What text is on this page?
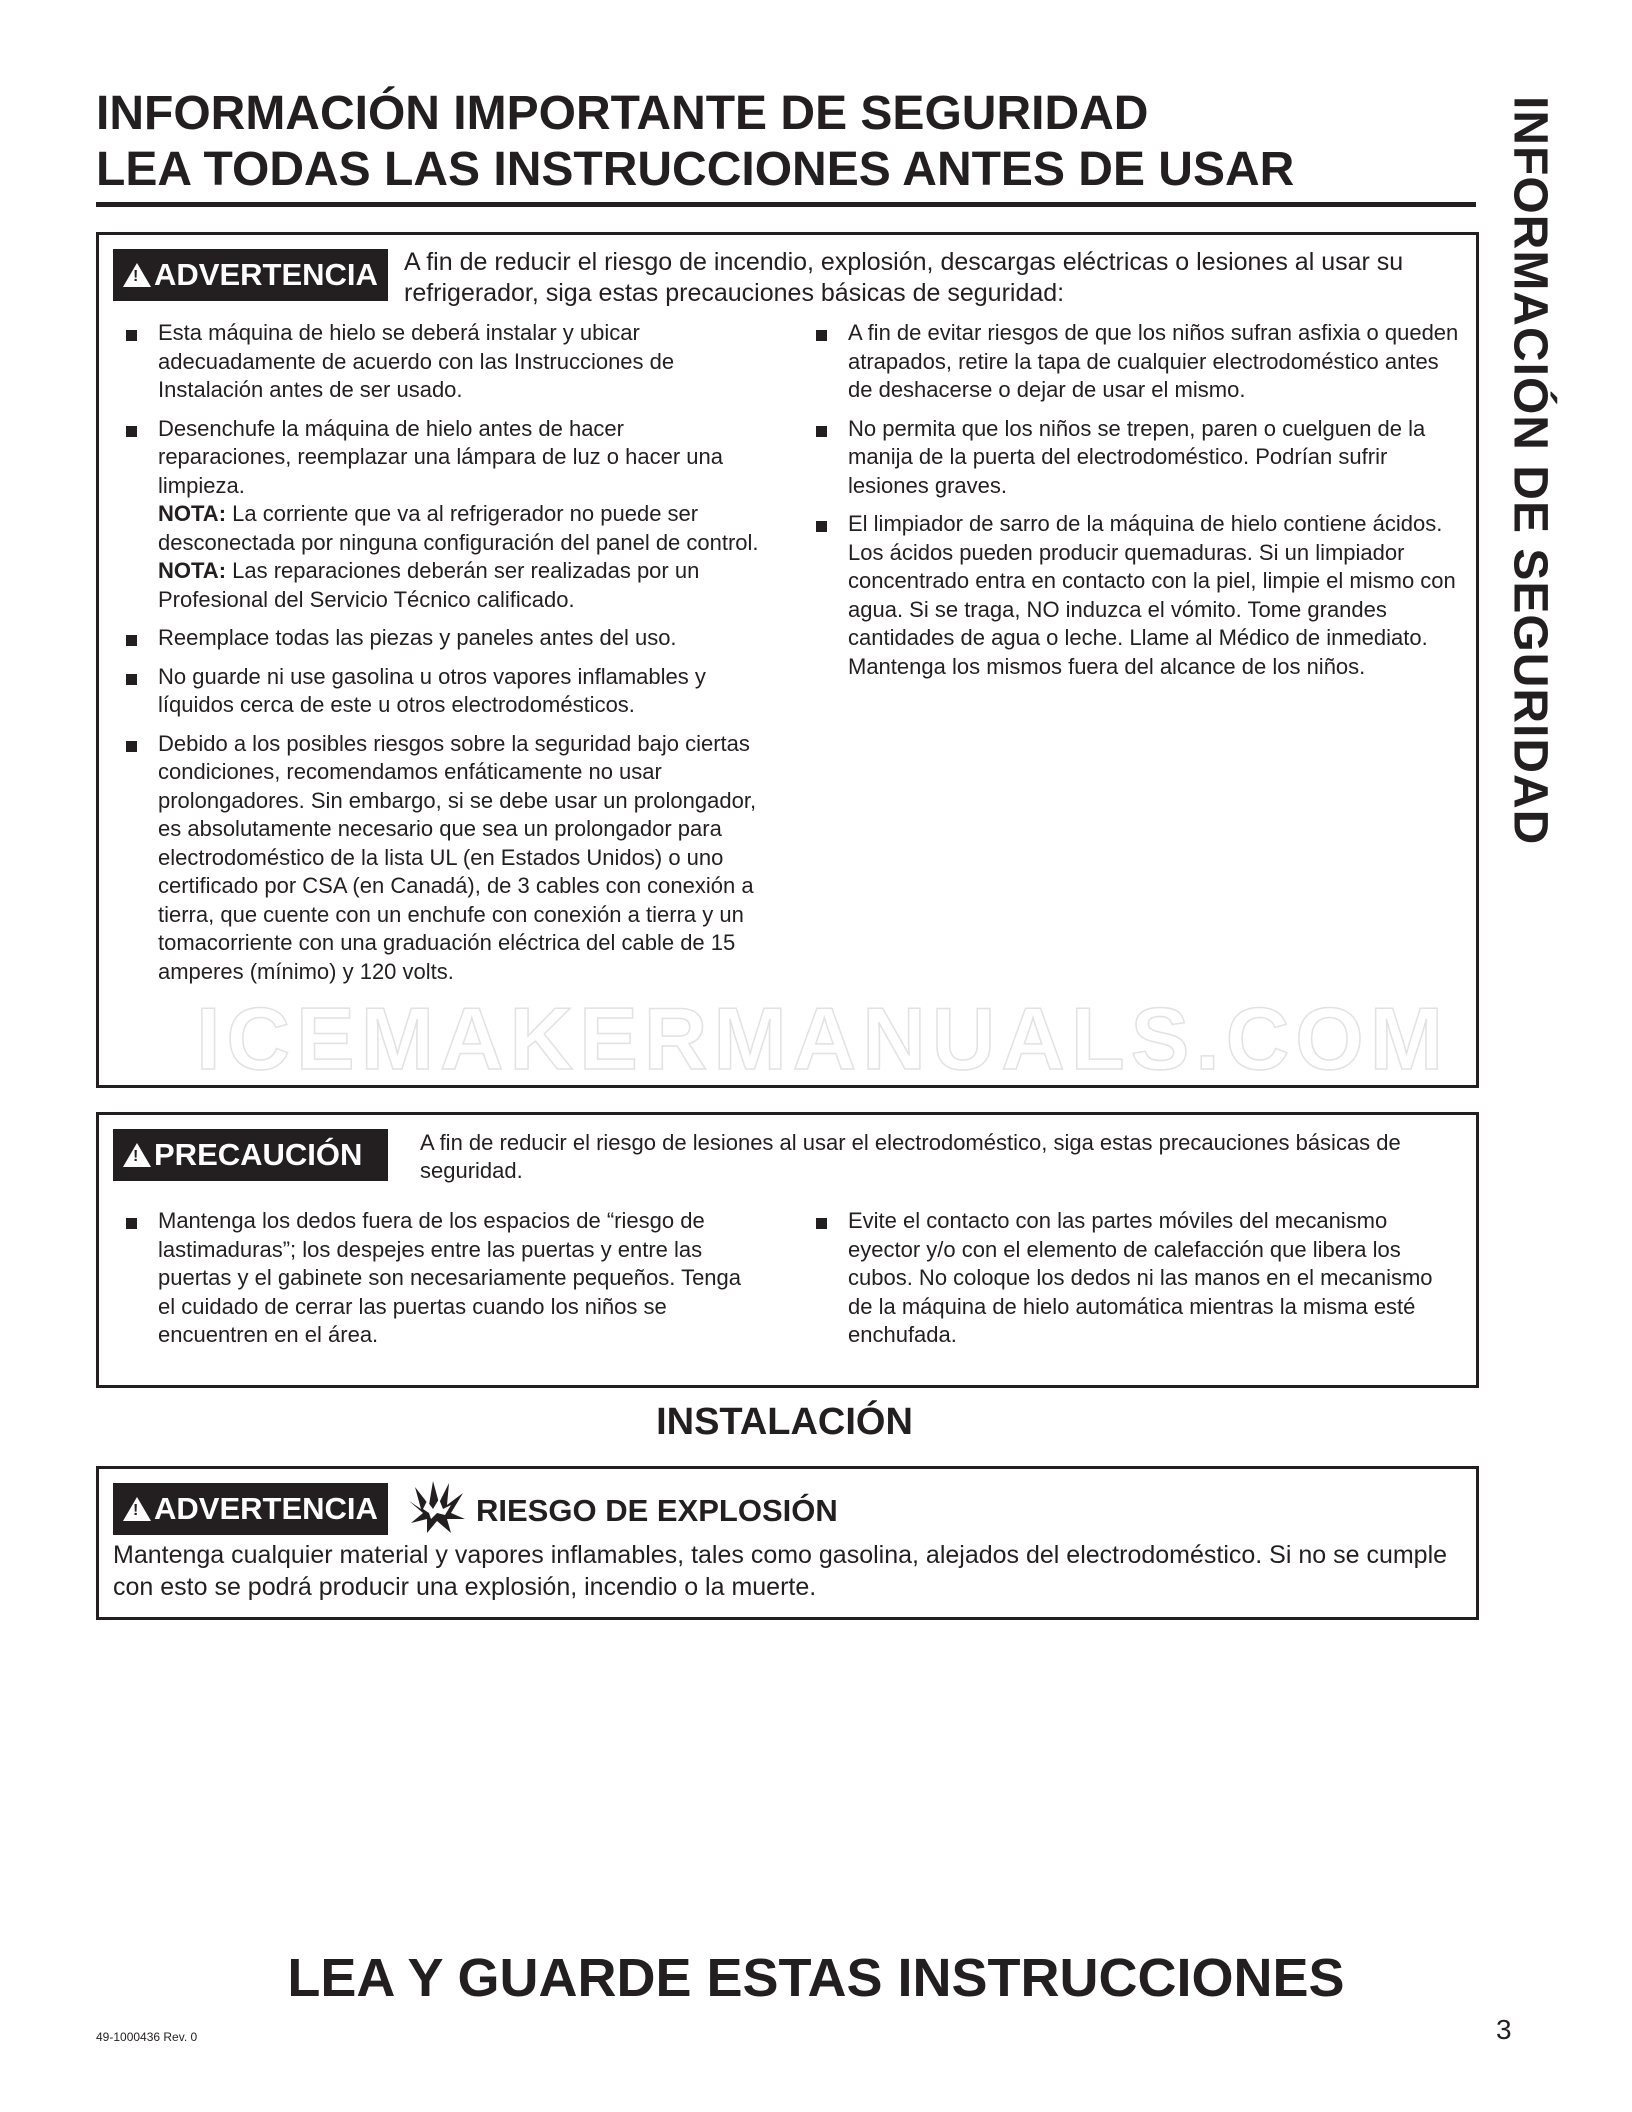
INFORMACIÓN IMPORTANTE DE SEGURIDAD
LEA TODAS LAS INSTRUCCIONES ANTES DE USAR	INFORMACIÓN DE SEGURIDAD
!ADVERTENCIA	A fin de reducir el riesgo de incendio, explosión, descargas eléctricas o lesiones al usar su refrigerador, siga estas precauciones básicas de seguridad:

Esta máquina de hielo se deberá instalar y ubicar adecuadamente de acuerdo con las Instrucciones de Instalación antes de ser usado.
Desenchufe la máquina de hielo antes de hacer reparaciones, reemplazar una lámpara de luz o hacer una limpieza.
NOTA: La corriente que va al refrigerador no puede ser desconectada por ninguna configuración del panel de control.
NOTA: Las reparaciones deberán ser realizadas por un Profesional del Servicio Técnico calificado.
Reemplace todas las piezas y paneles antes del uso.
No guarde ni use gasolina u otros vapores inflamables y líquidos cerca de este u otros electrodomésticos.
Debido a los posibles riesgos sobre la seguridad bajo ciertas condiciones, recomendamos enfáticamente no usar prolongadores. Sin embargo, si se debe usar un prolongador, es absolutamente necesario que sea un prolongador para electrodoméstico de la lista UL (en Estados Unidos) o uno certificado por CSA (en Canadá), de 3 cables con conexión a tierra, que cuente con un enchufe con conexión a tierra y un tomacorriente con una graduación eléctrica del cable de 15 amperes (mínimo) y 120 volts.
A fin de evitar riesgos de que los niños sufran asfixia o queden atrapados, retire la tapa de cualquier electrodoméstico antes de deshacerse o dejar de usar el mismo.
No permita que los niños se trepen, paren o cuelguen de la manija de la puerta del electrodoméstico. Podrían sufrir lesiones graves.
El limpiador de sarro de la máquina de hielo contiene ácidos. Los ácidos pueden producir quemaduras. Si un limpiador concentrado entra en contacto con la piel, limpie el mismo con agua. Si se traga, NO induzca el vómito. Tome grandes cantidades de agua o leche. Llame al Médico de inmediato. Mantenga los mismos fuera del alcance de los niños.
!PRECAUCIÓN	A fin de reducir el riesgo de lesiones al usar el electrodoméstico, siga estas precauciones básicas de seguridad.

Mantenga los dedos fuera de los espacios de “riesgo de lastimaduras”; los despejes entre las puertas y entre las puertas y el gabinete son necesariamente pequeños. Tenga el cuidado de cerrar las puertas cuando los niños se encuentren en el área.
Evite el contacto con las partes móviles del mecanismo eyector y/o con el elemento de calefacción que libera los cubos. No coloque los dedos ni las manos en el mecanismo de la máquina de hielo automática mientras la misma esté enchufada.
INSTALACIÓN
!ADVERTENCIA	RIESGO DE EXPLOSIÓN

Mantenga cualquier material y vapores inflamables, tales como gasolina, alejados del electrodoméstico. Si no se cumple con esto se podrá producir una explosión, incendio o la muerte.

LEA Y GUARDE ESTAS INSTRUCCIONES
49-1000436 Rev. 0	3
